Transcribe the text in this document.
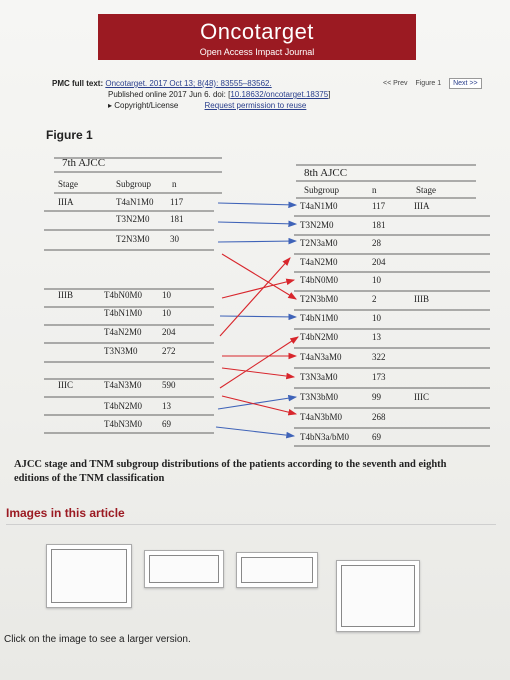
Oncotarget
Open Access Impact Journal
PMC full text: Oncotarget. 2017 Oct 13; 8(48): 83555–83562.
Published online 2017 Jun 6. doi: [10.18632/oncotarget.18375]
▸ Copyright/License	Request permission to reuse
<< Prev Figure 1 Next >>
Figure 1
7th AJCC
Stage	Subgroup n
IIIA	T4aN1M0 117
T3N2M0 181
T2N3M0 30
IIIB	T4bN0M0 10
T4bN1M0 10
T4aN2M0 204
T3N3M0	272
IIIC	T4aN3M0 590
T4bN2M0 13
T4bN3M0 69
8th AJCC
Subgroup	n	Stage
T4aN1M0	117	IIIA
T3N2M0	181
T2N3aM0	28
T4aN2M0	204
T4bN0M0	10
T2N3bM0	2	IIIB
T4bN1M0	10
T4bN2M0	13
T4aN3aM0	322
T3N3aM0	173
T3N3bM0	99	IIIC
T4aN3bM0	268
T4bN3a/bM0	69
AJCC stage and TNM subgroup distributions of the patients according to the seventh and eighth editions of the TNM classification
Images in this article
Click on the image to see a larger version.
